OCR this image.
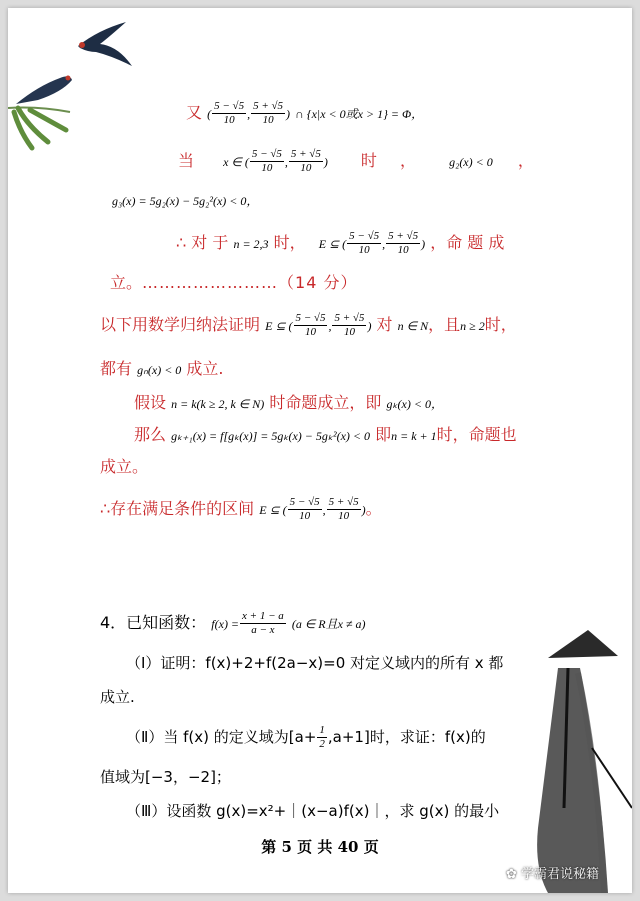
又 ( $\frac{5 - √5}{10}$ , $\frac{5 + √5}{10}$ ) ∩ {x|x < 0或x > 1} = Φ，
当 x ∈ ( $\frac{5 - √5}{10}$ , $\frac{5 + √5}{10}$ ) 时 ，	g₂(x) < 0 ，
g₃(x) = 5g₂(x) − 5g₂²(x) < 0，
∴ 对 于 n = 2,3 时， E ⊆ ( $\frac{5 - √5}{10}$ , $\frac{5 + √5}{10}$ ) ，命 题 成
立。……………………（14 分）
以下用数学归纳法证明 E ⊆ ( $\frac{5 - √5}{10}$ , $\frac{5 + √5}{10}$ ) 对 n ∈ N，且n ≥ 2时，
都有 gₙ(x) < 0 成立.
假设 n = k(k ≥ 2, k ∈ N) 时命题成立，即 gₖ(x) < 0，
那么 gₖ₊₁(x) = f[gₖ(x)] = 5gₖ(x) − 5gₖ²(x) < 0 即n = k + 1时，命题也
成立。
∴存在满足条件的区间 E ⊆ ( $\frac{5 - √5}{10}$ , $\frac{5 + √5}{10}$ )。
4．已知函数： $f(x) = \frac{x + 1 - a}{a - x} (a$ ∈ R且x ≠ a)
（Ⅰ）证明：f(x)+2+f(2a−x)=0 对定义域内的所有 x 都
成立.
（Ⅱ）当 f(x) 的定义域为$[a+ \frac{1}{2} ,a+1]$时，求证：f(x)的
值域为[−3，−2]；
（Ⅲ）设函数 g(x)=x²+｜(x−a)f(x)｜，求 g(x) 的最小
第 5 页 共 40 页
✿ 学霸君说秘籍
